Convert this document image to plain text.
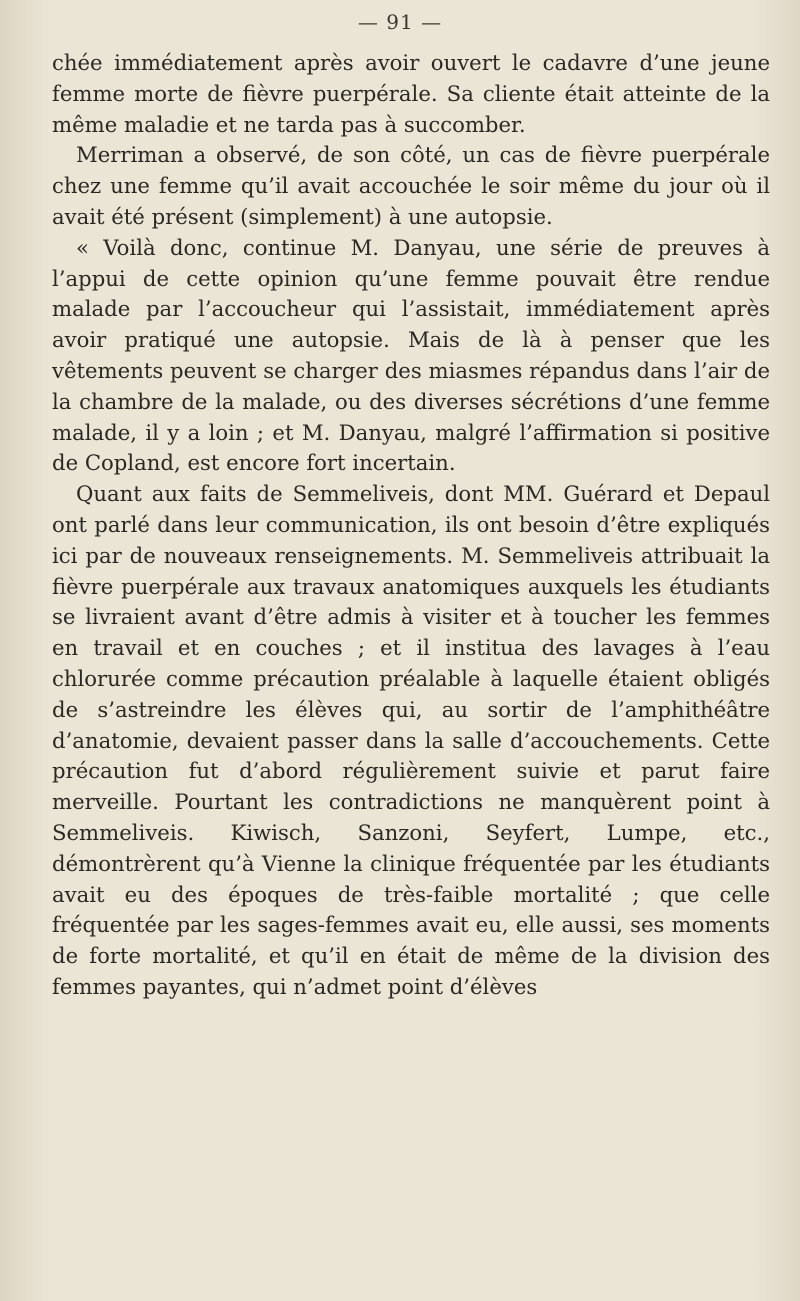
— 91 —

chée immédiatement après avoir ouvert le cadavre d’une jeune femme morte de fièvre puerpérale. Sa cliente était atteinte de la même maladie et ne tarda pas à succomber.

Merriman a observé, de son côté, un cas de fièvre puerpérale chez une femme qu’il avait accouchée le soir même du jour où il avait été présent (simplement) à une autopsie.

« Voilà donc, continue M. Danyau, une série de preuves à l’appui de cette opinion qu’une femme pouvait être rendue malade par l’accoucheur qui l’assistait, immédiatement après avoir pratiqué une autopsie. Mais de là à penser que les vêtements peuvent se charger des miasmes répandus dans l’air de la chambre de la malade, ou des diverses sécrétions d’une femme malade, il y a loin ; et M. Danyau, malgré l’affirmation si positive de Copland, est encore fort incertain.

Quant aux faits de Semmeliveis, dont MM. Guérard et Depaul ont parlé dans leur communication, ils ont besoin d’être expliqués ici par de nouveaux renseignements. M. Semmeliveis attribuait la fièvre puerpérale aux travaux anatomiques auxquels les étudiants se livraient avant d’être admis à visiter et à toucher les femmes en travail et en couches ; et il institua des lavages à l’eau chlorurée comme précaution préalable à laquelle étaient obligés de s’astreindre les élèves qui, au sortir de l’amphithéâtre d’anatomie, devaient passer dans la salle d’accouchements. Cette précaution fut d’abord régulièrement suivie et parut faire merveille. Pourtant les contradictions ne manquèrent point à Semmeliveis. Kiwisch, Sanzoni, Seyfert, Lumpe, etc., démontrèrent qu’à Vienne la clinique fréquentée par les étudiants avait eu des époques de très-faible mortalité ; que celle fréquentée par les sages-femmes avait eu, elle aussi, ses moments de forte mortalité, et qu’il en était de même de la division des femmes payantes, qui n’admet point d’élèves
